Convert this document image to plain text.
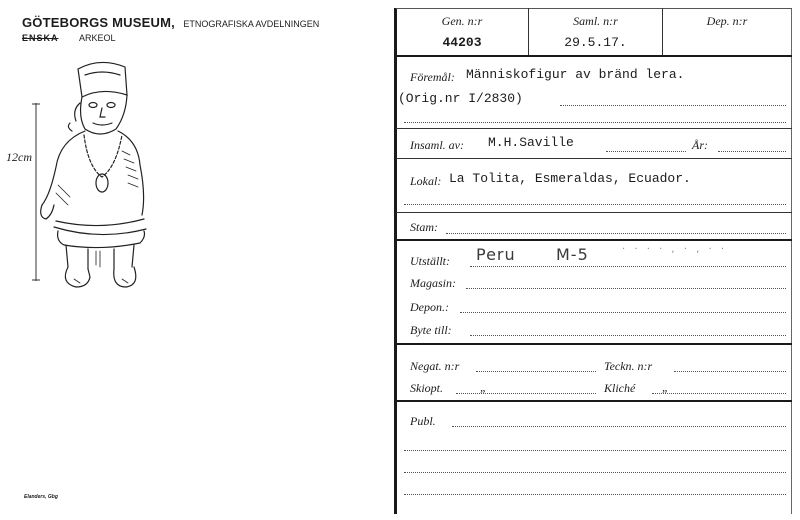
GÖTEBORGS MUSEUM, ETNOGRAFISKA AVDELNINGEN
ENSKA ARKEOL
12cm
Elanders, Gbg
Gen. n:r
44203
Saml. n:r
29.5.17.
Dep. n:r
Föremål: Människofigur av bränd lera.
(Orig.nr I/2830)
Insaml. av: M.H.Saville	År:
Lokal: La Tolita, Esmeraldas, Ecuador.
Stam:
Utställt: Peru	M-5	· · · · , · , · ·
Magasin:
Depon.:
Byte till:
Negat. n:r	Teckn. n:r
Skiopt.	„	Kliché „
Publ.
